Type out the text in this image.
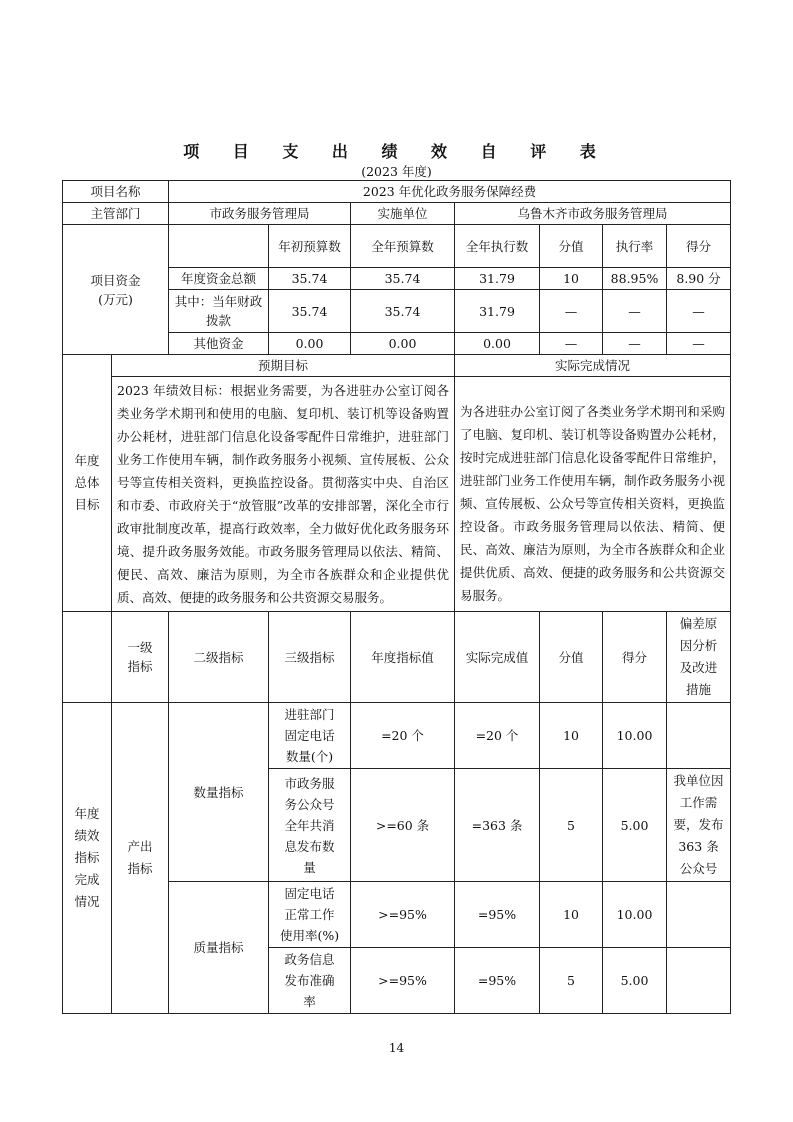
项 目 支 出 绩 效 自 评 表
(2023 年度)
项目名称		2023 年优化政务服务保障经费						
主管部门		市政务服务管理局		实施单位	乌鲁木齐市政务服务管理局			
项目资金
(万元)			年初预算数	全年预算数	全年执行数	分值	执行率	得分
		年度资金总额	35.74	35.74	31.79	10	88.95%	8.90 分
		其中：当年财政拨款	35.74	35.74	31.79	—	—	—
		其他资金	0.00	0.00	0.00	—	—	—
年度总体目标	预期目标				实际完成情况			
	2023 年绩效目标：根据业务需要，为各进驻办公室订阅各类业务学术期刊和使用的电脑、复印机、装订机等设备购置办公耗材，进驻部门信息化设备零配件日常维护，进驻部门业务工作使用车辆，制作政务服务小视频、宣传展板、公众号等宣传相关资料，更换监控设备。贯彻落实中央、自治区和市委、市政府关于“放管服”改革的安排部署，深化全市行政审批制度改革，提高行政效率，全力做好优化政务服务环境、提升政务服务效能。市政务服务管理局以依法、精简、便民、高效、廉洁为原则，为全市各族群众和企业提供优质、高效、便捷的政务服务和公共资源交易服务。				为各进驻办公室订阅了各类业务学术期刊和采购了电脑、复印机、装订机等设备购置办公耗材，按时完成进驻部门信息化设备零配件日常维护，进驻部门业务工作使用车辆，制作政务服务小视频、宣传展板、公众号等宣传相关资料，更换监控设备。市政务服务管理局以依法、精简、便民、高效、廉洁为原则，为全市各族群众和企业提供优质、高效、便捷的政务服务和公共资源交易服务。			
	一级指标	二级指标	三级指标	年度指标值	实际完成值	分值	得分	偏差原因分析及改进措施
年度
绩效
指标
完成
情况	产出指标	数量指标	进驻部门固定电话数量(个)	=20 个	=20 个	10	10.00	
			市政务服务公众号全年共消息发布数量	>=60 条	=363 条	5	5.00	我单位因工作需要，发布 363 条公众号
		质量指标	固定电话正常工作使用率(%)	>=95%	=95%	10	10.00	
			政务信息发布准确率	>=95%	=95%	5	5.00	
14
